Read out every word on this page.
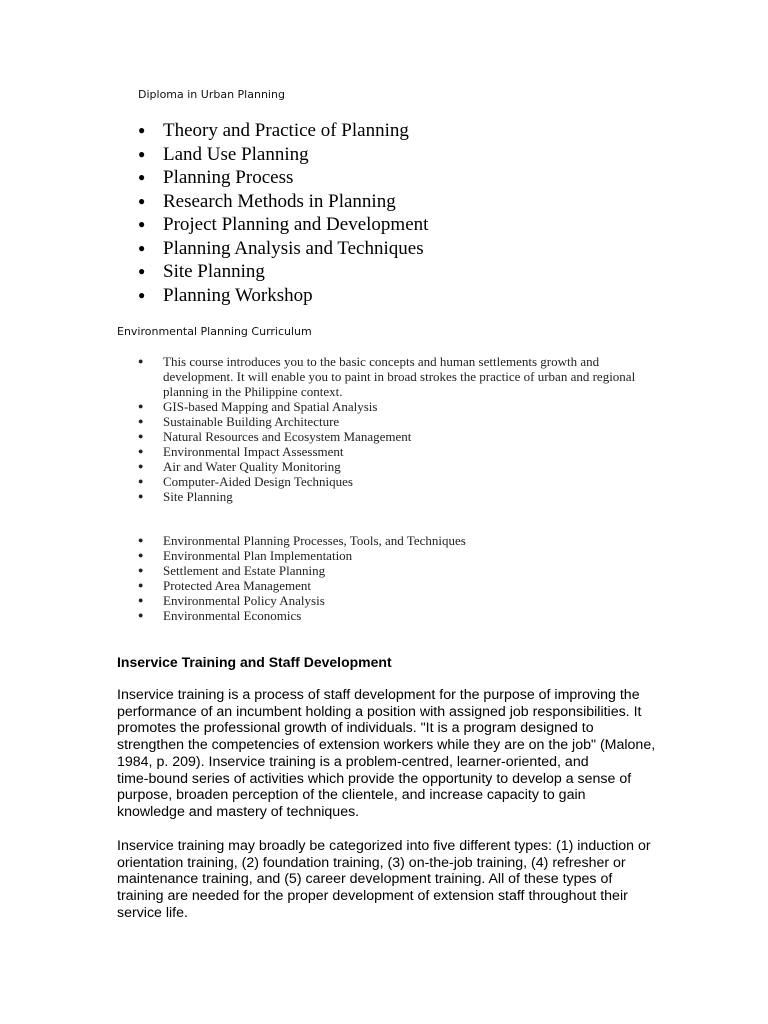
Diploma in Urban Planning
● Theory and Practice of Planning
● Land Use Planning
● Planning Process
● Research Methods in Planning
● Project Planning and Development
● Planning Analysis and Techniques
● Site Planning
● Planning Workshop
Environmental Planning Curriculum
● This course introduces you to the basic concepts and human settlements growth and development. It will enable you to paint in broad strokes the practice of urban and regional planning in the Philippine context.
● GIS-based Mapping and Spatial Analysis
● Sustainable Building Architecture
● Natural Resources and Ecosystem Management
● Environmental Impact Assessment
● Air and Water Quality Monitoring
● Computer-Aided Design Techniques
● Site Planning
● Environmental Planning Processes, Tools, and Techniques
● Environmental Plan Implementation
● Settlement and Estate Planning
● Protected Area Management
● Environmental Policy Analysis
● Environmental Economics
Inservice Training and Staff Development

Inservice training is a process of staff development for the purpose of improving the
performance of an incumbent holding a position with assigned job responsibilities. It
promotes the professional growth of individuals. "It is a program designed to
strengthen the competencies of extension workers while they are on the job" (Malone,
1984, p. 209). Inservice training is a problem-centred, learner-oriented, and
time-bound series of activities which provide the opportunity to develop a sense of
purpose, broaden perception of the clientele, and increase capacity to gain
knowledge and mastery of techniques.

Inservice training may broadly be categorized into five different types: (1) induction or
orientation training, (2) foundation training, (3) on-the-job training, (4) refresher or
maintenance training, and (5) career development training. All of these types of
training are needed for the proper development of extension staff throughout their
service life.
